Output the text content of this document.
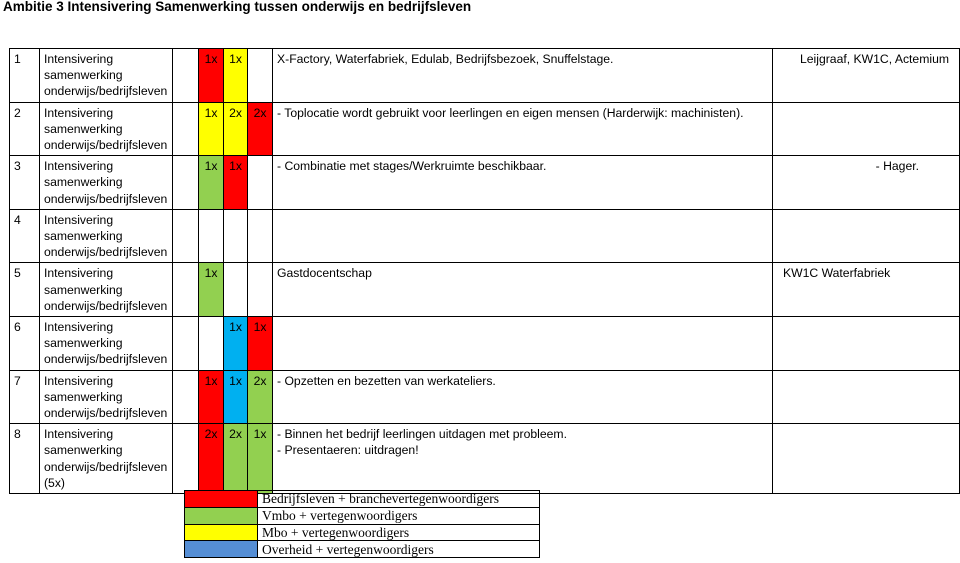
Ambitie 3 Intensivering Samenwerking tussen onderwijs en bedrijfsleven
1	Intensivering samenwerking onderwijs/bedrijfsleven		1x	1x		X-Factory, Waterfabriek, Edulab, Bedrijfsbezoek, Snuffelstage.	Leijgraaf, KW1C, Actemium
2	Intensivering samenwerking onderwijs/bedrijfsleven		1x	2x	2x	- Toplocatie wordt gebruikt voor leerlingen en eigen mensen (Harderwijk: machinisten).	
3	Intensivering samenwerking onderwijs/bedrijfsleven		1x	1x		- Combinatie met stages/Werkruimte beschikbaar.	- Hager.
4	Intensivering samenwerking onderwijs/bedrijfsleven						
5	Intensivering samenwerking onderwijs/bedrijfsleven		1x			Gastdocentschap	KW1C Waterfabriek
6	Intensivering samenwerking onderwijs/bedrijfsleven			1x	1x		
7	Intensivering samenwerking onderwijs/bedrijfsleven		1x	1x	2x	- Opzetten en bezetten van werkateliers.	
8	Intensivering samenwerking onderwijs/bedrijfsleven (5x)		2x	2x	1x	- Binnen het bedrijf leerlingen uitdagen met probleem.
- Presentaeren: uitdragen!	

	Bedrijfsleven + branchevertegenwoordigers
	Vmbo + vertegenwoordigers
	Mbo + vertegenwoordigers
	Overheid + vertegenwoordigers
